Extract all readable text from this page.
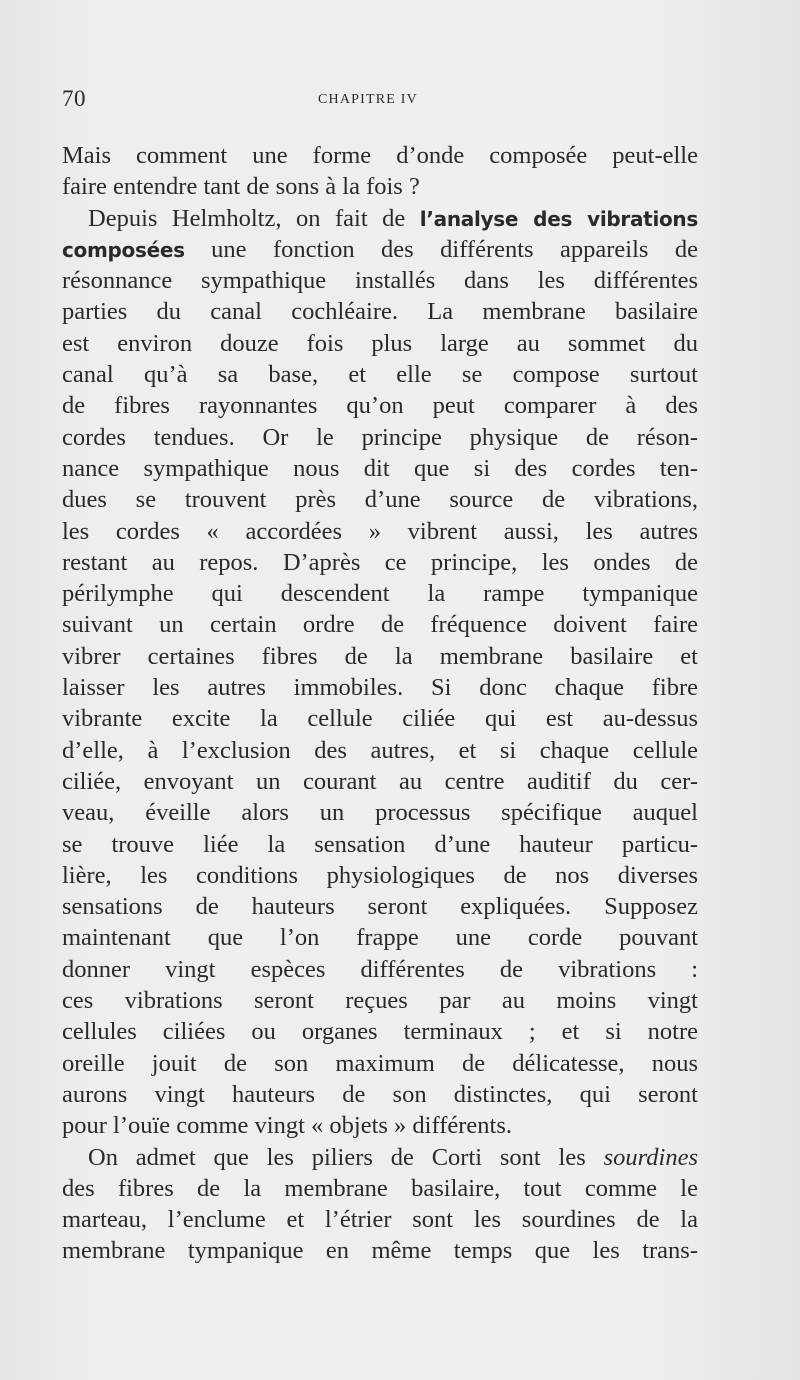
70	CHAPITRE IV
Mais comment une forme d’onde composée peut-elle
faire entendre tant de sons à la fois ?
Depuis Helmholtz, on fait de l’analyse des vibrations
composées une fonction des différents appareils de
résonnance sympathique installés dans les différentes
parties du canal cochléaire. La membrane basilaire
est environ douze fois plus large au sommet du
canal qu’à sa base, et elle se compose surtout
de fibres rayonnantes qu’on peut comparer à des
cordes tendues. Or le principe physique de réson-
nance sympathique nous dit que si des cordes ten-
dues se trouvent près d’une source de vibrations,
les cordes « accordées » vibrent aussi, les autres
restant au repos. D’après ce principe, les ondes de
périlymphe qui descendent la rampe tympanique
suivant un certain ordre de fréquence doivent faire
vibrer certaines fibres de la membrane basilaire et
laisser les autres immobiles. Si donc chaque fibre
vibrante excite la cellule ciliée qui est au-dessus
d’elle, à l’exclusion des autres, et si chaque cellule
ciliée, envoyant un courant au centre auditif du cer-
veau, éveille alors un processus spécifique auquel
se trouve liée la sensation d’une hauteur particu-
lière, les conditions physiologiques de nos diverses
sensations de hauteurs seront expliquées. Supposez
maintenant que l’on frappe une corde pouvant
donner vingt espèces différentes de vibrations :
ces vibrations seront reçues par au moins vingt
cellules ciliées ou organes terminaux ; et si notre
oreille jouit de son maximum de délicatesse, nous
aurons vingt hauteurs de son distinctes, qui seront
pour l’ouïe comme vingt « objets » différents.
On admet que les piliers de Corti sont les sourdines
des fibres de la membrane basilaire, tout comme le
marteau, l’enclume et l’étrier sont les sourdines de la
membrane tympanique en même temps que les trans-
